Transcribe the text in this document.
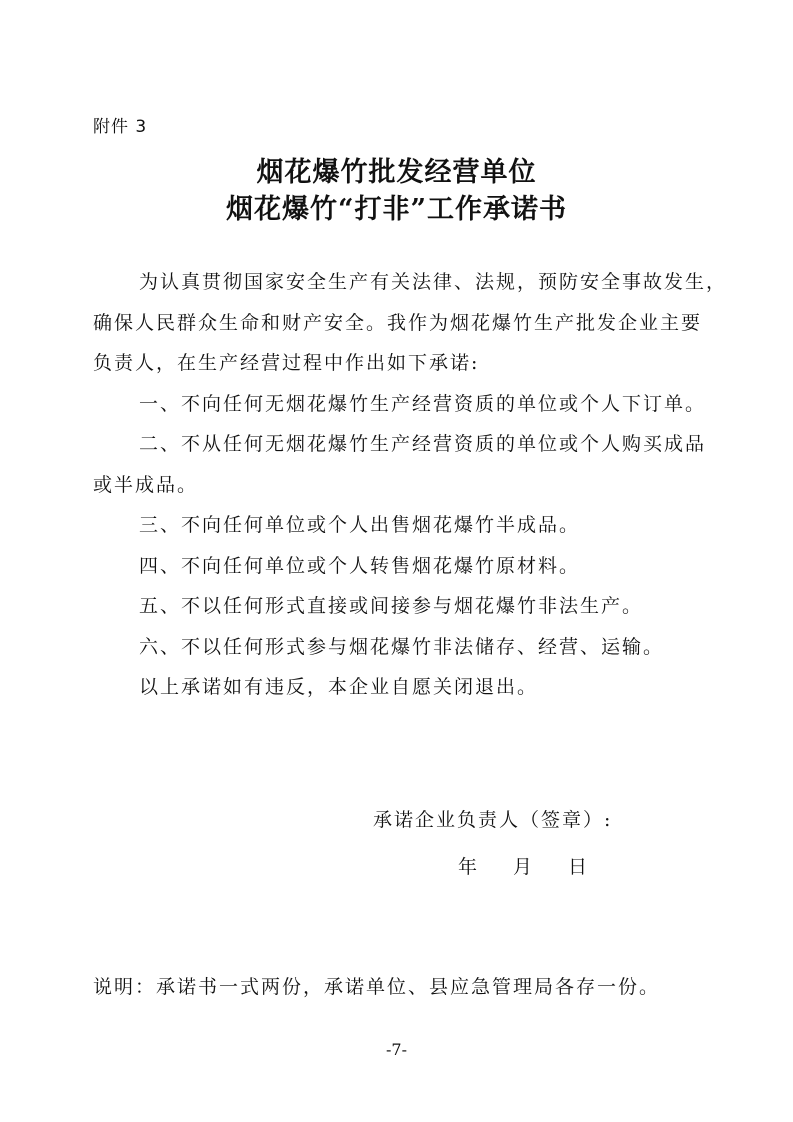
附件 3
烟花爆竹批发经营单位
烟花爆竹“打非”工作承诺书

为认真贯彻国家安全生产有关法律、法规，预防安全事故发生，

确保人民群众生命和财产安全。我作为烟花爆竹生产批发企业主要

负责人，在生产经营过程中作出如下承诺:

一、不向任何无烟花爆竹生产经营资质的单位或个人下订单。

二、不从任何无烟花爆竹生产经营资质的单位或个人购买成品

或半成品。

三、不向任何单位或个人出售烟花爆竹半成品。

四、不向任何单位或个人转售烟花爆竹原材料。

五、不以任何形式直接或间接参与烟花爆竹非法生产。

六、不以任何形式参与烟花爆竹非法储存、经营、运输。

以上承诺如有违反，本企业自愿关闭退出。

承诺企业负责人（签章）:
年 月 日
说明：承诺书一式两份，承诺单位、县应急管理局各存一份。
-7-
